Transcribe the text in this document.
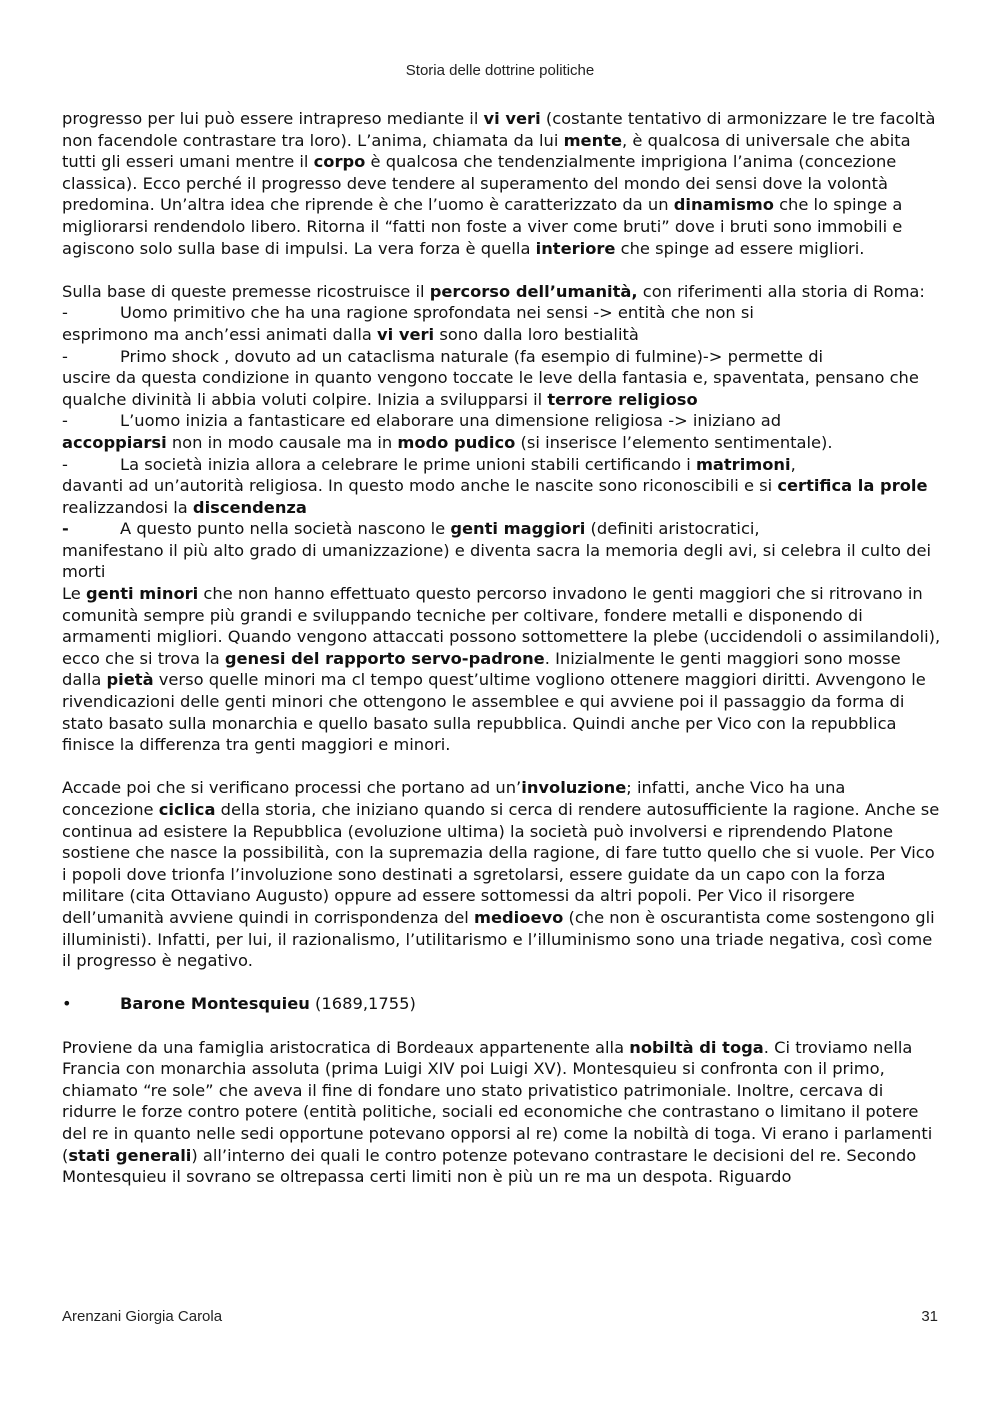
Storia delle dottrine politiche

progresso per lui può essere intrapreso mediante il vi veri (costante tentativo di armonizzare le tre facoltà non facendole contrastare tra loro). L’anima, chiamata da lui mente, è qualcosa di universale che abita tutti gli esseri umani mentre il corpo è qualcosa che tendenzialmente imprigiona l’anima (concezione classica). Ecco perché il progresso deve tendere al superamento del mondo dei sensi dove la volontà predomina. Un’altra idea che riprende è che l’uomo è caratterizzato da un dinamismo che lo spinge a migliorarsi rendendolo libero. Ritorna il “fatti non foste a viver come bruti” dove i bruti sono immobili e agiscono solo sulla base di impulsi. La vera forza è quella interiore che spinge ad essere migliori.

Sulla base di queste premesse ricostruisce il percorso dell’umanità, con riferimenti alla storia di Roma:

-	Uomo primitivo che ha una ragione sprofondata nei sensi -> entità che non si

esprimono ma anch’essi animati dalla vi veri sono dalla loro bestialità

-	Primo shock , dovuto ad un cataclisma naturale (fa esempio di fulmine)-> permette di

uscire da questa condizione in quanto vengono toccate le leve della fantasia e, spaventata, pensano che qualche divinità li abbia voluti colpire. Inizia a svilupparsi il terrore religioso

-	L’uomo inizia a fantasticare ed elaborare una dimensione religiosa -> iniziano ad

accoppiarsi non in modo causale ma in modo pudico (si inserisce l’elemento sentimentale).

-	La società inizia allora a celebrare le prime unioni stabili certificando i matrimoni,

davanti ad un’autorità religiosa. In questo modo anche le nascite sono riconoscibili e si certifica la prole realizzandosi la discendenza

-	A questo punto nella società nascono le genti maggiori (definiti aristocratici,

manifestano il più alto grado di umanizzazione) e diventa sacra la memoria degli avi, si celebra il culto dei morti

Le genti minori che non hanno effettuato questo percorso invadono le genti maggiori che si ritrovano in comunità sempre più grandi e sviluppando tecniche per coltivare, fondere metalli e disponendo di armamenti migliori. Quando vengono attaccati possono sottomettere la plebe (uccidendoli o assimilandoli), ecco che si trova la genesi del rapporto servo-padrone. Inizialmente le genti maggiori sono mosse dalla pietà verso quelle minori ma cl tempo quest’ultime vogliono ottenere maggiori diritti. Avvengono le rivendicazioni delle genti minori che ottengono le assemblee e qui avviene poi il passaggio da forma di stato basato sulla monarchia e quello basato sulla repubblica. Quindi anche per Vico con la repubblica finisce la differenza tra genti maggiori e minori.

Accade poi che si verificano processi che portano ad un’involuzione; infatti, anche Vico ha una concezione ciclica della storia, che iniziano quando si cerca di rendere autosufficiente la ragione. Anche se continua ad esistere la Repubblica (evoluzione ultima) la società può involversi e riprendendo Platone sostiene che nasce la possibilità, con la supremazia della ragione, di fare tutto quello che si vuole. Per Vico i popoli dove trionfa l’involuzione sono destinati a sgretolarsi, essere guidate da un capo con la forza militare (cita Ottaviano Augusto) oppure ad essere sottomessi da altri popoli. Per Vico il risorgere dell’umanità avviene quindi in corrispondenza del medioevo (che non è oscurantista come sostengono gli illuministi). Infatti, per lui, il razionalismo, l’utilitarismo e l’illuminismo sono una triade negativa, così come il progresso è negativo.

•	Barone Montesquieu (1689,1755)

Proviene da una famiglia aristocratica di Bordeaux appartenente alla nobiltà di toga. Ci troviamo nella Francia con monarchia assoluta (prima Luigi XIV poi Luigi XV). Montesquieu si confronta con il primo, chiamato “re sole” che aveva il fine di fondare uno stato privatistico patrimoniale. Inoltre, cercava di ridurre le forze contro potere (entità politiche, sociali ed economiche che contrastano o limitano il potere del re in quanto nelle sedi opportune potevano opporsi al re) come la nobiltà di toga. Vi erano i parlamenti (stati generali) all’interno dei quali le contro potenze potevano contrastare le decisioni del re. Secondo Montesquieu il sovrano se oltrepassa certi limiti non è più un re ma un despota. Riguardo

Arenzani Giorgia Carola	31
